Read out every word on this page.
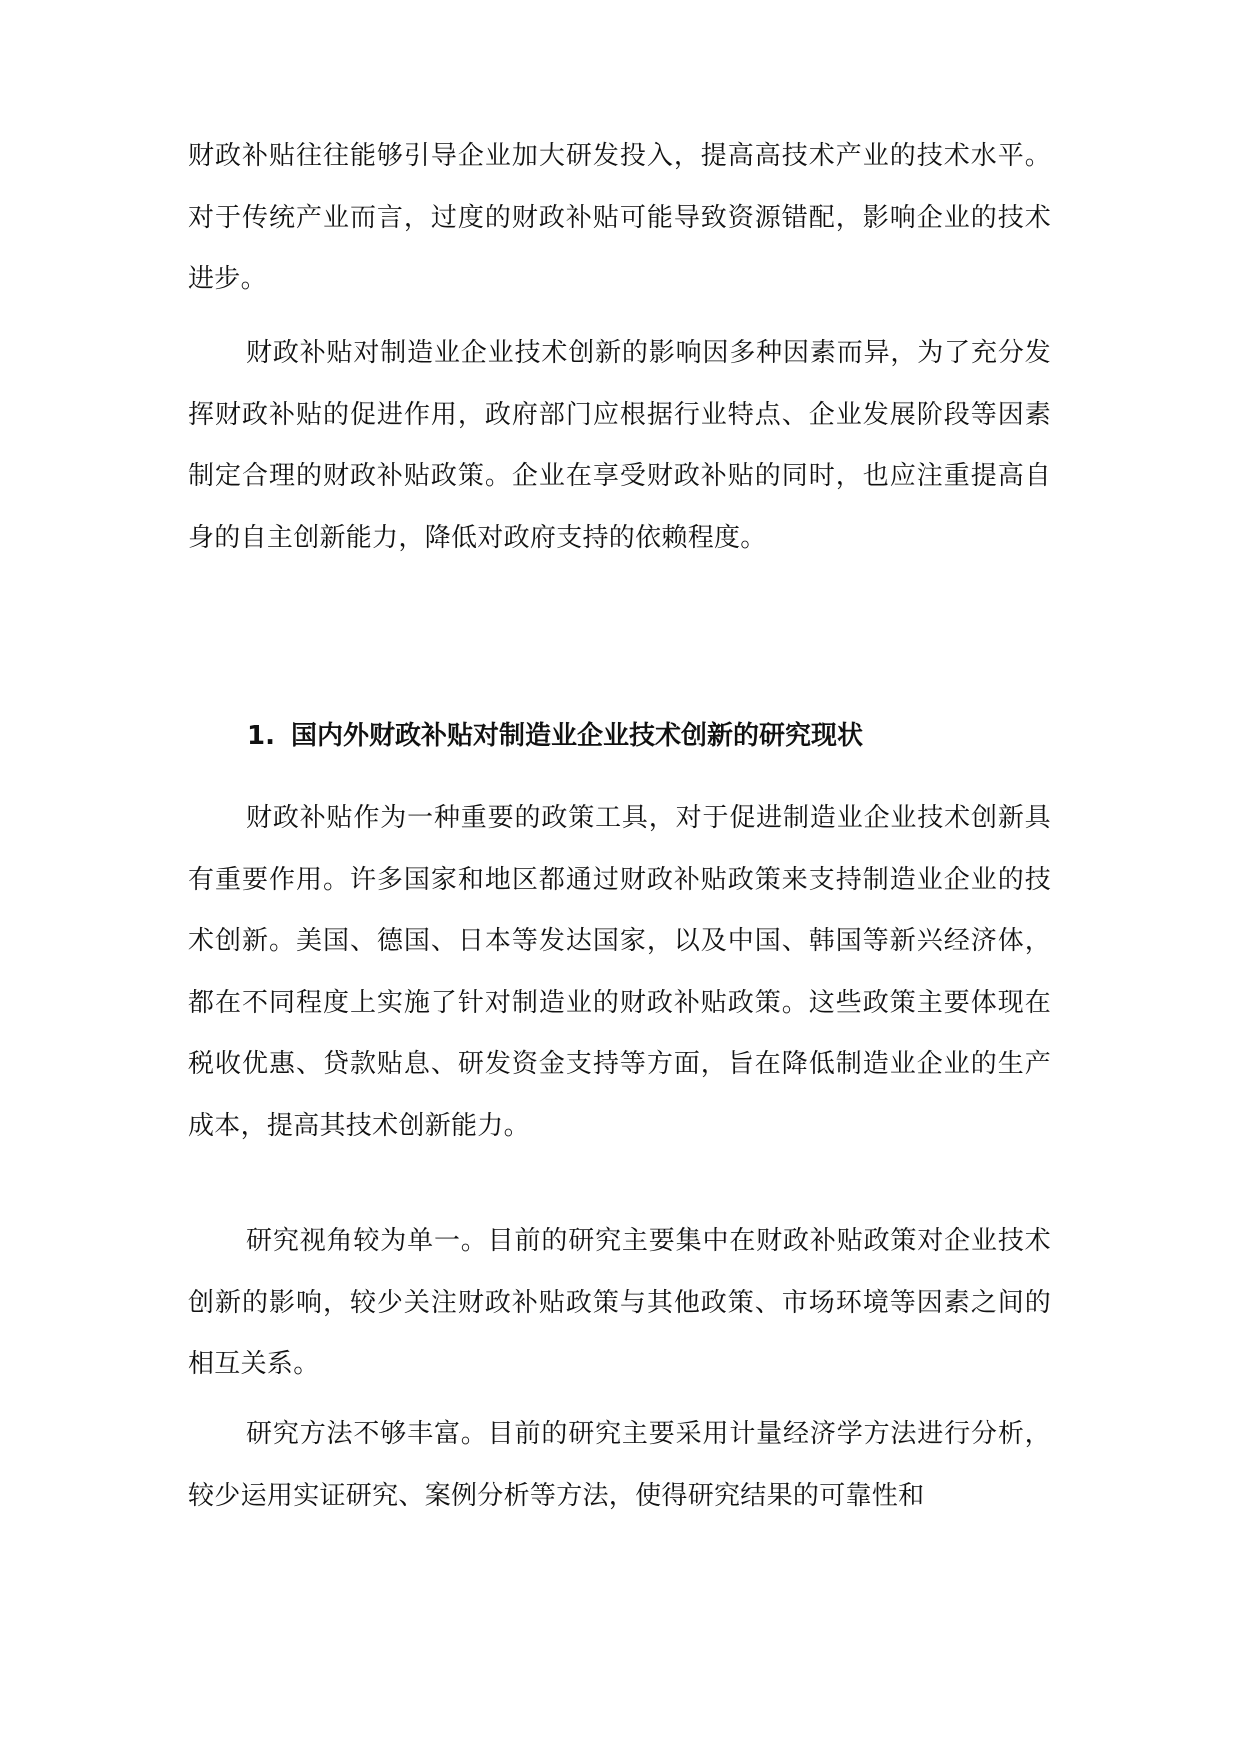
财政补贴往往能够引导企业加大研发投入，提高高技术产业的技术水平。对于传统产业而言，过度的财政补贴可能导致资源错配，影响企业的技术进步。

财政补贴对制造业企业技术创新的影响因多种因素而异，为了充分发挥财政补贴的促进作用，政府部门应根据行业特点、企业发展阶段等因素制定合理的财政补贴政策。企业在享受财政补贴的同时，也应注重提高自身的自主创新能力，降低对政府支持的依赖程度。

1. 国内外财政补贴对制造业企业技术创新的研究现状

财政补贴作为一种重要的政策工具，对于促进制造业企业技术创新具有重要作用。许多国家和地区都通过财政补贴政策来支持制造业企业的技术创新。美国、德国、日本等发达国家，以及中国、韩国等新兴经济体，都在不同程度上实施了针对制造业的财政补贴政策。这些政策主要体现在税收优惠、贷款贴息、研发资金支持等方面，旨在降低制造业企业的生产成本，提高其技术创新能力。

研究视角较为单一。目前的研究主要集中在财政补贴政策对企业技术创新的影响，较少关注财政补贴政策与其他政策、市场环境等因素之间的相互关系。

研究方法不够丰富。目前的研究主要采用计量经济学方法进行分析，较少运用实证研究、案例分析等方法，使得研究结果的可靠性和
